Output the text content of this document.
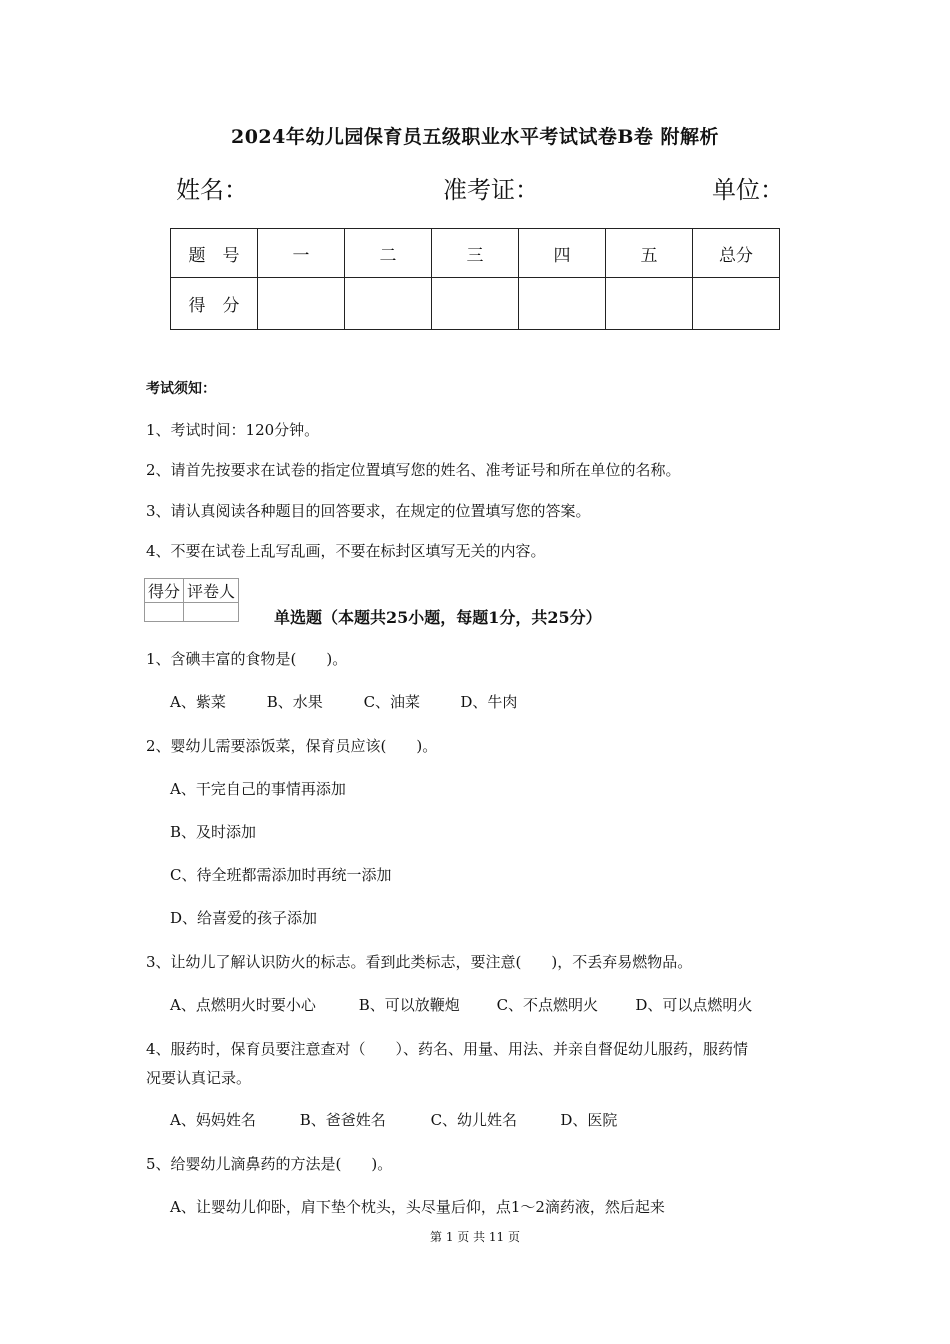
2024年幼儿园保育员五级职业水平考试试卷B卷 附解析
姓名：	准考证：	单位：
题　号	一	二	三	四	五	总分
得　分						
考试须知：
1、考试时间：120分钟。
2、请首先按要求在试卷的指定位置填写您的姓名、准考证号和所在单位的名称。
3、请认真阅读各种题目的回答要求，在规定的位置填写您的答案。
4、不要在试卷上乱写乱画，不要在标封区填写无关的内容。
得分	评卷人

单选题（本题共25小题，每题1分，共25分）
1、含碘丰富的食物是(　　)。
A、紫菜	B、水果	C、油菜	D、牛肉
2、婴幼儿需要添饭菜，保育员应该(　　)。
A、干完自己的事情再添加
B、及时添加
C、待全班都需添加时再统一添加
D、给喜爱的孩子添加
3、让幼儿了解认识防火的标志。看到此类标志，要注意(　　)，不丢弃易燃物品。
A、点燃明火时要小心	B、可以放鞭炮 C、不点燃明火 D、可以点燃明火
4、服药时，保育员要注意查对（　　）、药名、用量、用法、并亲自督促幼儿服药，服药情
况要认真记录。
A、妈妈姓名	B、爸爸姓名	C、幼儿姓名	D、医院
5、给婴幼儿滴鼻药的方法是(　　)。
A、让婴幼儿仰卧，肩下垫个枕头，头尽量后仰，点1～2滴药液，然后起来
第 1 页 共 11 页
